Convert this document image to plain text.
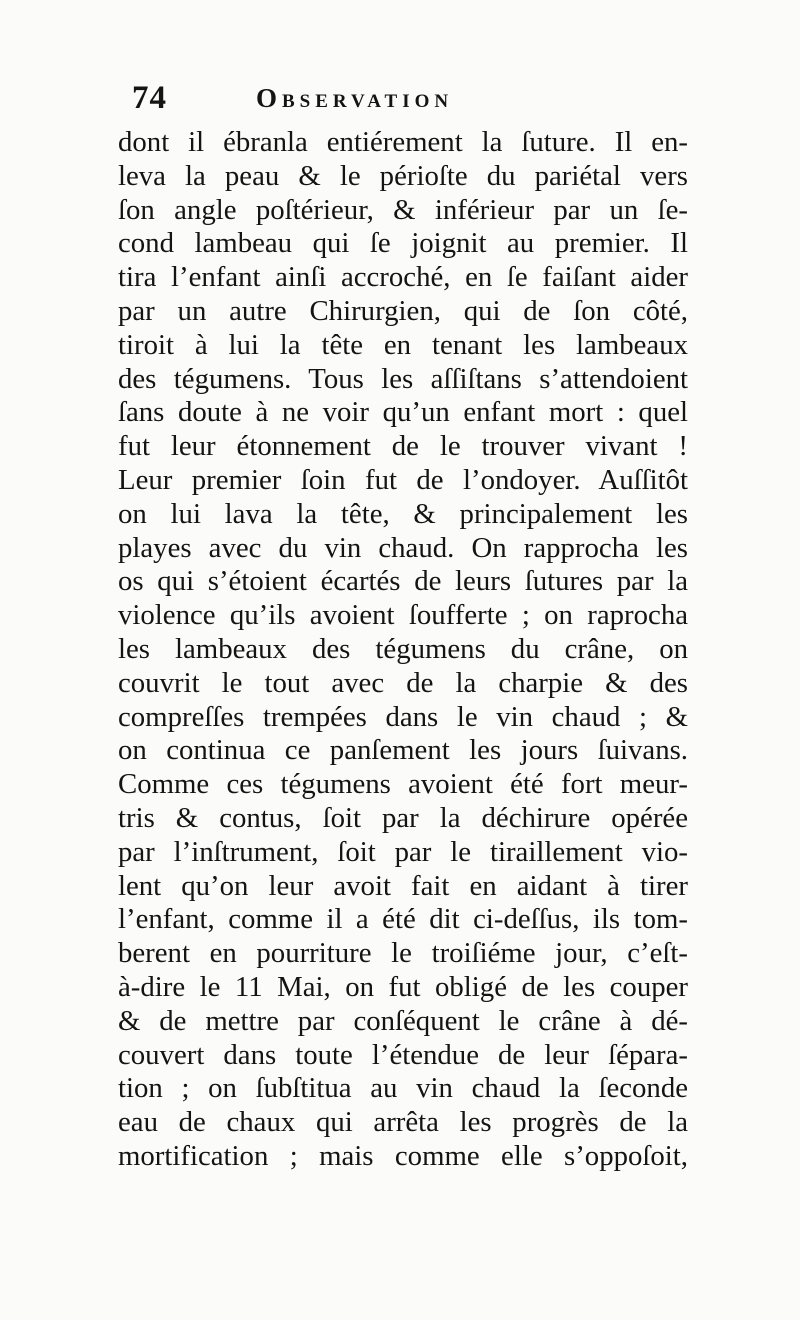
74	Observation
dont il ébranla entiérement la ſuture. Il en-
leva la peau & le périoſte du pariétal vers
ſon angle poſtérieur, & inférieur par un ſe-
cond lambeau qui ſe joignit au premier. Il
tira l’enfant ainſi accroché, en ſe faiſant aider
par un autre Chirurgien, qui de ſon côté,
tiroit à lui la tête en tenant les lambeaux
des tégumens. Tous les aſſiſtans s’attendoient
ſans doute à ne voir qu’un enfant mort : quel
fut leur étonnement de le trouver vivant !
Leur premier ſoin fut de l’ondoyer. Auſſitôt
on lui lava la tête, & principalement les
playes avec du vin chaud. On rapprocha les
os qui s’étoient écartés de leurs ſutures par la
violence qu’ils avoient ſoufferte ; on raprocha
les lambeaux des tégumens du crâne, on
couvrit le tout avec de la charpie & des
compreſſes trempées dans le vin chaud ; &
on continua ce panſement les jours ſuivans.
Comme ces tégumens avoient été fort meur-
tris & contus, ſoit par la déchirure opérée
par l’inſtrument, ſoit par le tiraillement vio-
lent qu’on leur avoit fait en aidant à tirer
l’enfant, comme il a été dit ci-deſſus, ils tom-
berent en pourriture le troiſiéme jour, c’eſt-
à-dire le 11 Mai, on fut obligé de les couper
& de mettre par conſéquent le crâne à dé-
couvert dans toute l’étendue de leur ſépara-
tion ; on ſubſtitua au vin chaud la ſeconde
eau de chaux qui arrêta les progrès de la
mortification ; mais comme elle s’oppoſoit,
